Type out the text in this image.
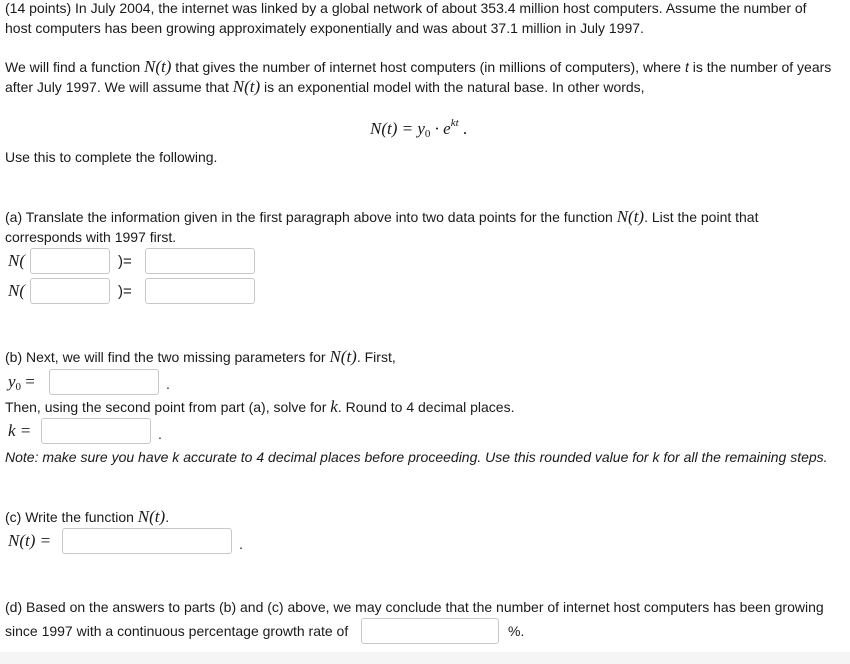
(14 points) In July 2004, the internet was linked by a global network of about 353.4 million host computers. Assume the number of
host computers has been growing approximately exponentially and was about 37.1 million in July 1997.
We will find a function N(t) that gives the number of internet host computers (in millions of computers), where t is the number of years
after July 1997. We will assume that N(t) is an exponential model with the natural base. In other words,
$N(t) = y_0 \cdot e^{kt}$ .
Use this to complete the following.
(a) Translate the information given in the first paragraph above into two data points for the function N(t). List the point that
corresponds with 1997 first.
N(	)=
N(	)=
(b) Next, we will find the two missing parameters for N(t). First,
$y_0$ =	.
Then, using the second point from part (a), solve for k. Round to 4 decimal places.
k =	.
Note: make sure you have k accurate to 4 decimal places before proceeding. Use this rounded value for k for all the remaining steps.
(c) Write the function N(t).
N(t) =	.
(d) Based on the answers to parts (b) and (c) above, we may conclude that the number of internet host computers has been growing
since 1997 with a continuous percentage growth rate of	%.
